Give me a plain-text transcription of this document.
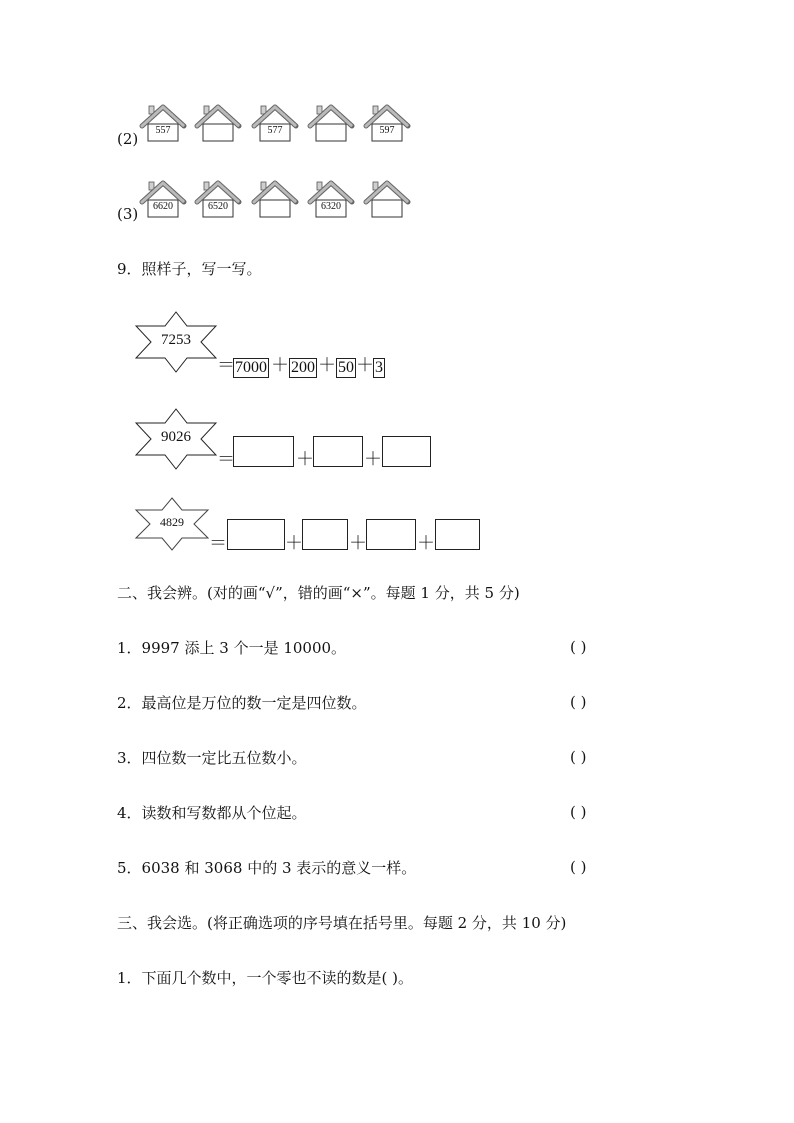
(2)	557	577	597
(3)	6620	6520	6320
9．照样子，写一写。
7253
＝ 7000 ＋ 200 ＋ 50 ＋ 3
9026
＝	＋	＋
4829
＝	＋	＋	＋
二、我会辨。(对的画“√”，错的画“×”。每题 1 分，共 5 分)
1．9997 添上 3 个一是 10000。	( )
2．最高位是万位的数一定是四位数。	( )
3．四位数一定比五位数小。	( )
4．读数和写数都从个位起。	( )
5．6038 和 3068 中的 3 表示的意义一样。	( )
三、我会选。(将正确选项的序号填在括号里。每题 2 分，共 10 分)
1．下面几个数中，一个零也不读的数是( )。
